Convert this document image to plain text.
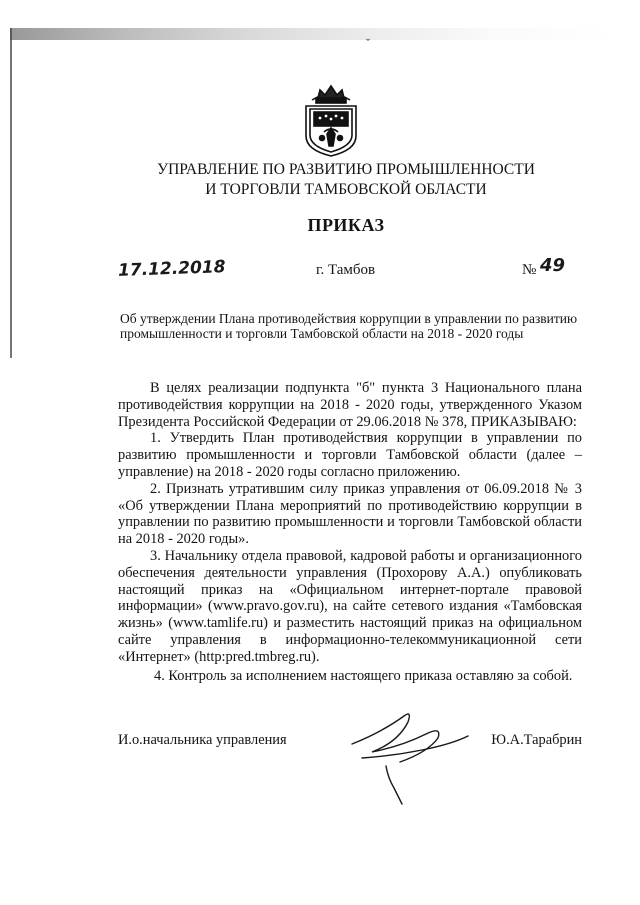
ˇ

УПРАВЛЕНИЕ ПО РАЗВИТИЮ ПРОМЫШЛЕННОСТИ

И ТОРГОВЛИ ТАМБОВСКОЙ ОБЛАСТИ

ПРИКАЗ
17.12.2018	г. Тамбов	№ 49

Об утверждении Плана противодействия коррупции в управлении по развитию промышленности и торговли Тамбовской области на 2018 - 2020 годы

В целях реализации подпункта "б" пункта 3 Национального плана противодействия коррупции на 2018 - 2020 годы, утвержденного Указом Президента Российской Федерации от 29.06.2018 № 378, ПРИКАЗЫВАЮ:

1. Утвердить План противодействия коррупции в управлении по развитию промышленности и торговли Тамбовской области (далее – управление) на 2018 - 2020 годы согласно приложению.

2. Признать утратившим силу приказ управления от 06.09.2018 № 3 «Об утверждении Плана мероприятий по противодействию коррупции в управлении по развитию промышленности и торговли Тамбовской области на 2018 - 2020 годы».

3. Начальнику отдела правовой, кадровой работы и организационного обеспечения деятельности управления (Прохорову А.А.) опубликовать настоящий приказ на «Официальном интернет-портале правовой информации» (www.pravo.gov.ru), на сайте сетевого издания «Тамбовская жизнь» (www.tamlife.ru) и разместить настоящий приказ на официальном сайте управления в информационно-телекоммуникационной сети «Интернет» (http:pred.tmbreg.ru).

4. Контроль за исполнением настоящего приказа оставляю за собой.

И.о.начальника управления	Ю.А.Тарабрин
